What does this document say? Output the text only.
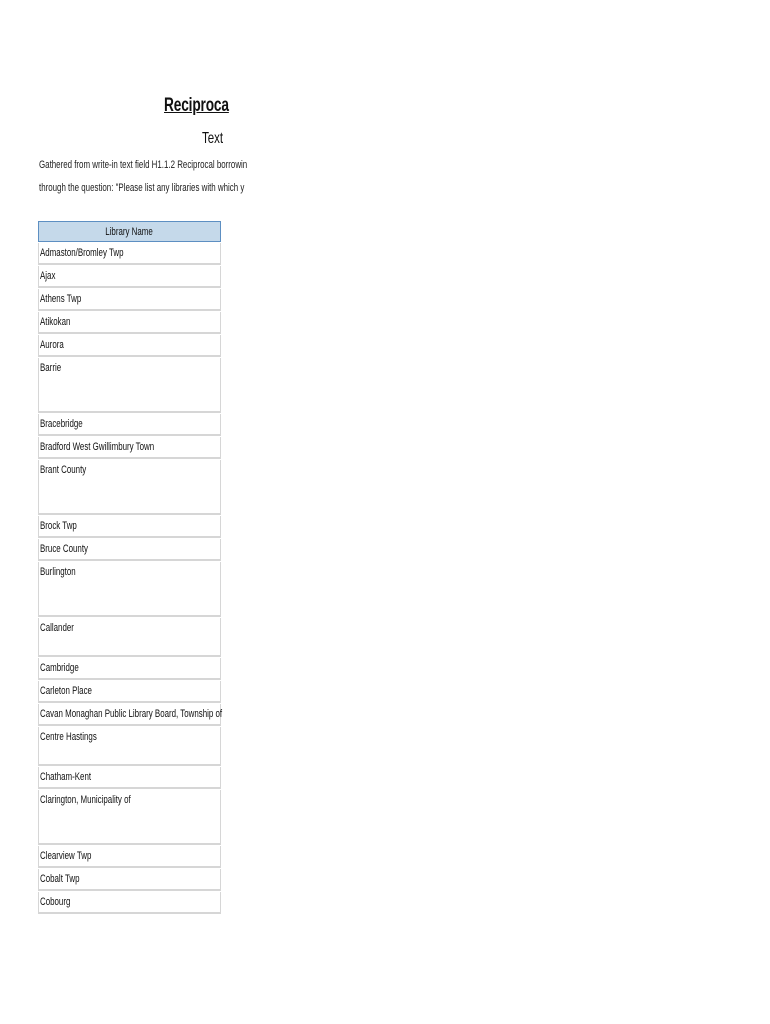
Reciproca
Text
Gathered from write-in text field H1.1.2 Reciprocal borrowin
through the question: "Please list any libraries with which y
Library Name
Admaston/Bromley Twp
Ajax
Athens Twp
Atikokan
Aurora
Barrie
Bracebridge
Bradford West Gwillimbury Town
Brant County
Brock Twp
Bruce County
Burlington
Callander
Cambridge
Carleton Place
Cavan Monaghan Public Library Board, Township of
Centre Hastings
Chatham-Kent
Clarington, Municipality of
Clearview Twp
Cobalt Twp
Cobourg
